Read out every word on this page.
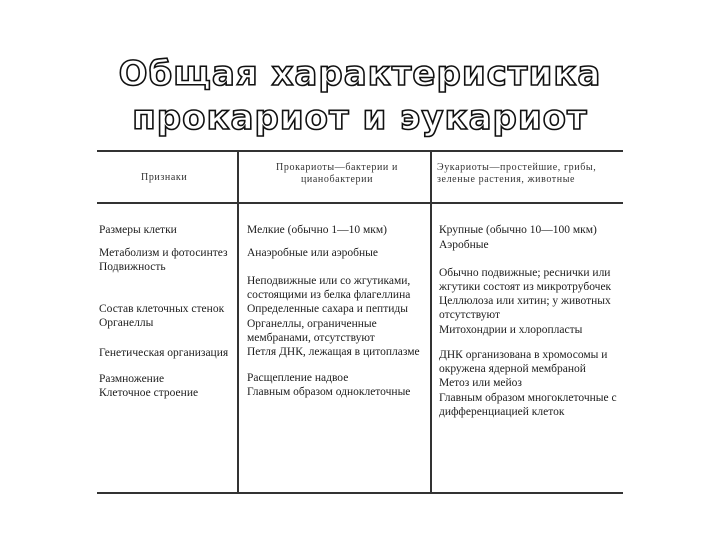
Общая характеристика
прокариот и эукариот
Признаки
Прокариоты—бактерии и цианобактерии
Эукариоты—простейшие, грибы, зеленые растения, животные

Размеры клетки

Метаболизм и фотосинтез

Подвижность

Состав клеточных стенок

Органеллы

Генетическая организация

Размножение

Клеточное строение

Мелкие (обычно 1—10 мкм)

Анаэробные или аэробные

Неподвижные или со жгутиками, состоящими из белка флагеллина

Определенные сахара и пептиды

Органеллы, ограниченные мембранами, отсутствуют

Петля ДНК, лежащая в цитоплазме

Расщепление надвое

Главным образом одноклеточные

Крупные (обычно 10—100 мкм)

Аэробные

Обычно подвижные; реснички или жгутики состоят из микротрубочек

Целлюлоза или хитин; у животных отсутствуют

Митохондрии и хлоропласты

ДНК организована в хромосомы и окружена ядерной мембраной

Метоз или мейоз

Главным образом многоклеточные с дифференциацией клеток
